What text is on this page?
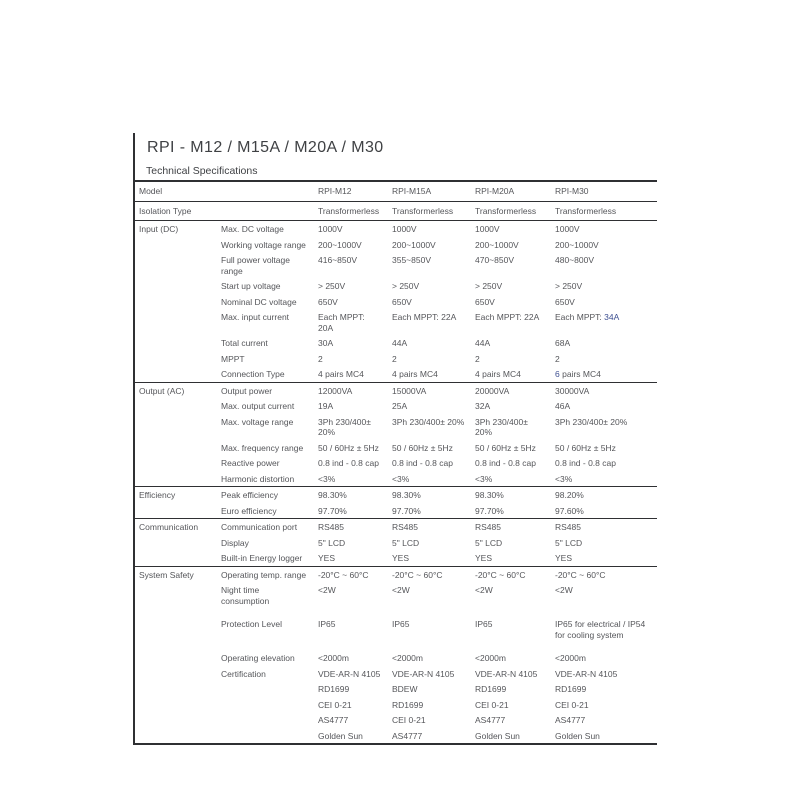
RPI - M12 / M15A / M20A / M30
Technical Specifications
Model		RPI-M12	RPI-M15A	RPI-M20A	RPI-M30
Isolation Type		Transformerless	Transformerless	Transformerless	Transformerless
Input (DC)	Max. DC voltage	1000V	1000V	1000V	1000V
	Working voltage range	200~1000V	200~1000V	200~1000V	200~1000V
	Full power voltage range	416~850V	355~850V	470~850V	480~800V
	Start up voltage	> 250V	> 250V	> 250V	> 250V
	Nominal DC voltage	650V	650V	650V	650V
	Max. input current	Each MPPT: 20A	Each MPPT: 22A	Each MPPT: 22A	Each MPPT: 34A
	Total current	30A	44A	44A	68A
	MPPT	2	2	2	2
	Connection Type	4 pairs MC4	4 pairs MC4	4 pairs MC4	6 pairs MC4
Output (AC)	Output power	12000VA	15000VA	20000VA	30000VA
	Max. output current	19A	25A	32A	46A
	Max. voltage range	3Ph 230/400± 20%	3Ph 230/400± 20%	3Ph 230/400± 20%	3Ph 230/400± 20%
	Max. frequency range	50 / 60Hz ± 5Hz	50 / 60Hz ± 5Hz	50 / 60Hz ± 5Hz	50 / 60Hz ± 5Hz
	Reactive power	0.8 ind - 0.8 cap	0.8 ind - 0.8 cap	0.8 ind - 0.8 cap	0.8 ind - 0.8 cap
	Harmonic distortion	<3%	<3%	<3%	<3%
Efficiency	Peak efficiency	98.30%	98.30%	98.30%	98.20%
	Euro efficiency	97.70%	97.70%	97.70%	97.60%
Communication	Communication port	RS485	RS485	RS485	RS485
	Display	5" LCD	5" LCD	5" LCD	5" LCD
	Built-in Energy logger	YES	YES	YES	YES
System Safety	Operating temp. range	-20°C ~ 60°C	-20°C ~ 60°C	-20°C ~ 60°C	-20°C ~ 60°C
	Night time consumption	<2W	<2W	<2W	<2W
	Protection Level	IP65	IP65	IP65	IP65 for electrical / IP54 for cooling system
	Operating elevation	<2000m	<2000m	<2000m	<2000m
	Certification	VDE-AR-N 4105	VDE-AR-N 4105	VDE-AR-N 4105	VDE-AR-N 4105
		RD1699	BDEW	RD1699	RD1699
		CEI 0-21	RD1699	CEI 0-21	CEI 0-21
		AS4777	CEI 0-21	AS4777	AS4777
		Golden Sun	AS4777	Golden Sun	Golden Sun
